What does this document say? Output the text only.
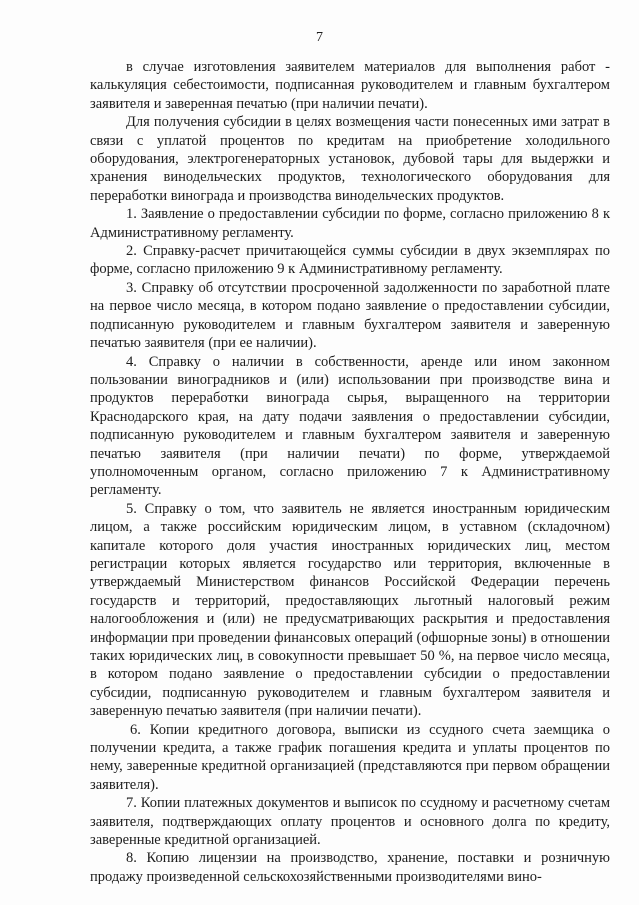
7

в случае изготовления заявителем материалов для выполнения работ - калькуляция себестоимости, подписанная руководителем и главным бухгалтером заявителя и заверенная печатью (при наличии печати).

Для получения субсидии в целях возмещения части понесенных ими затрат в связи с уплатой процентов по кредитам на приобретение холодильного оборудования, электрогенераторных установок, дубовой тары для выдержки и хранения винодельческих продуктов, технологического оборудования для переработки винограда и производства винодельческих продуктов.

1. Заявление о предоставлении субсидии по форме, согласно приложению 8 к Административному регламенту.

2. Справку-расчет причитающейся суммы субсидии в двух экземплярах по форме, согласно приложению 9 к Административному регламенту.

3. Справку об отсутствии просроченной задолженности по заработной плате на первое число месяца, в котором подано заявление о предоставлении субсидии, подписанную руководителем и главным бухгалтером заявителя и заверенную печатью заявителя (при ее наличии).

4. Справку о наличии в собственности, аренде или ином законном пользовании виноградников и (или) использовании при производстве вина и продуктов переработки винограда сырья, выращенного на территории Краснодарского края, на дату подачи заявления о предоставлении субсидии, подписанную руководителем и главным бухгалтером заявителя и заверенную печатью заявителя (при наличии печати) по форме, утверждаемой уполномоченным органом, согласно приложению 7 к Административному регламенту.

5. Справку о том, что заявитель не является иностранным юридическим лицом, а также российским юридическим лицом, в уставном (складочном) капитале которого доля участия иностранных юридических лиц, местом регистрации которых является государство или территория, включенные в утверждаемый Министерством финансов Российской Федерации перечень государств и территорий, предоставляющих льготный налоговый режим налогообложения и (или) не предусматривающих раскрытия и предоставления информации при проведении финансовых операций (офшорные зоны) в отношении таких юридических лиц, в совокупности превышает 50 %, на первое число месяца, в котором подано заявление о предоставлении субсидии о предоставлении субсидии, подписанную руководителем и главным бухгалтером заявителя и заверенную печатью заявителя (при наличии печати).

6. Копии кредитного договора, выписки из ссудного счета заемщика о получении кредита, а также график погашения кредита и уплаты процентов по нему, заверенные кредитной организацией (представляются при первом обращении заявителя).

7. Копии платежных документов и выписок по ссудному и расчетному счетам заявителя, подтверждающих оплату процентов и основного долга по кредиту, заверенные кредитной организацией.

8. Копию лицензии на производство, хранение, поставки и розничную продажу произведенной сельскохозяйственными производителями вино-
